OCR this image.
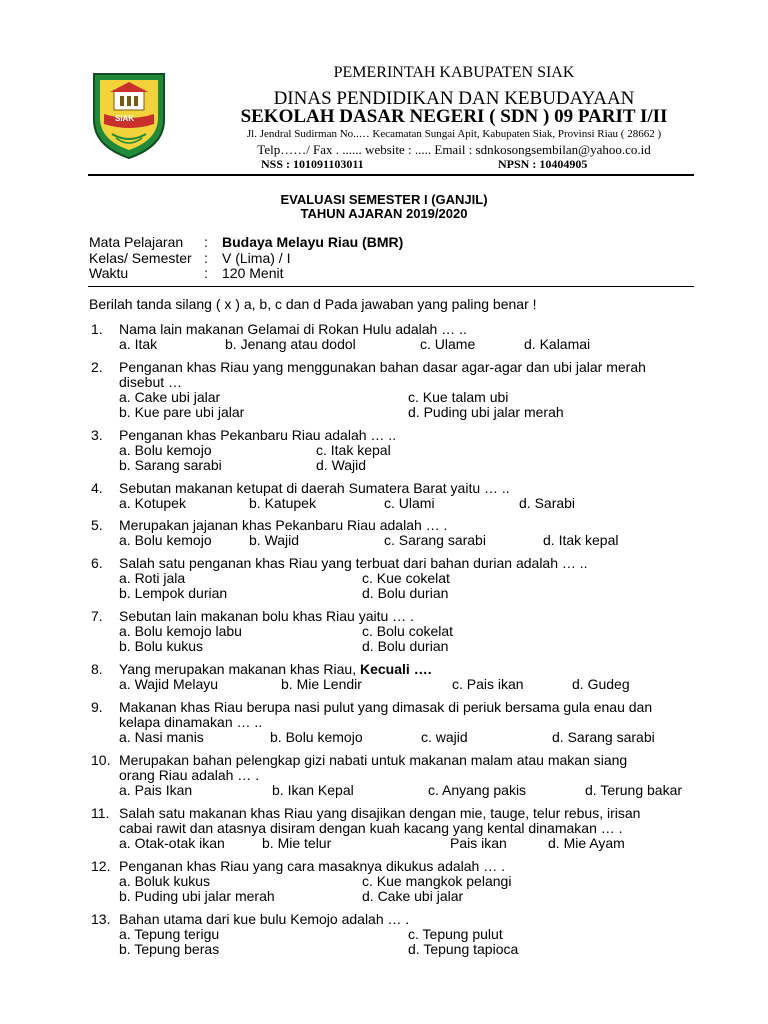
SIAK
PEMERINTAH KABUPATEN SIAK
DINAS PENDIDIKAN DAN KEBUDAYAAN
SEKOLAH DASAR NEGERI ( SDN ) 09 PARIT I/II
Jl. Jendral Sudirman No..… Kecamatan Sungai Apit, Kabupaten Siak, Provinsi Riau ( 28662 )
Telp……/ Fax . ...... website : ..... Email : sdnkosongsembilan@yahoo.co.id
NSS : 101091103011	NPSN : 10404905
EVALUASI SEMESTER I (GANJIL)
TAHUN AJARAN 2019/2020
Mata Pelajaran : Budaya Melayu Riau (BMR)
Kelas/ Semester : V (Lima) / I
Waktu	: 120 Menit
Berilah tanda silang ( x ) a, b, c dan d Pada jawaban yang paling benar !
1. Nama lain makanan Gelamai di Rokan Hulu adalah … ..
a. Itak	b. Jenang atau dodol	c. Ulame	d. Kalamai
2. Penganan khas Riau yang menggunakan bahan dasar agar-agar dan ubi jalar merah
disebut …
a. Cake ubi jalar	c. Kue talam ubi
b. Kue pare ubi jalar	d. Puding ubi jalar merah
3. Penganan khas Pekanbaru Riau adalah … ..
a. Bolu kemojo	c. Itak kepal
b. Sarang sarabi	d. Wajid
4. Sebutan makanan ketupat di daerah Sumatera Barat yaitu … ..
a. Kotupek	b. Katupek	c. Ulami	d. Sarabi
5. Merupakan jajanan khas Pekanbaru Riau adalah … .
a. Bolu kemojo	b. Wajid	c. Sarang sarabi	d. Itak kepal
6. Salah satu penganan khas Riau yang terbuat dari bahan durian adalah … ..
a. Roti jala	c. Kue cokelat
b. Lempok durian	d. Bolu durian
7. Sebutan lain makanan bolu khas Riau yaitu … .
a. Bolu kemojo labu	c. Bolu cokelat
b. Bolu kukus	d. Bolu durian
8. Yang merupakan makanan khas Riau, Kecuali ….
a. Wajid Melayu	b. Mie Lendir	c. Pais ikan	d. Gudeg
9. Makanan khas Riau berupa nasi pulut yang dimasak di periuk bersama gula enau dan
kelapa dinamakan … ..
a. Nasi manis	b. Bolu kemojo	c. wajid	d. Sarang sarabi
10. Merupakan bahan pelengkap gizi nabati untuk makanan malam atau makan siang
orang Riau adalah … .
a. Pais Ikan	b. Ikan Kepal	c. Anyang pakis	d. Terung bakar
11. Salah satu makanan khas Riau yang disajikan dengan mie, tauge, telur rebus, irisan
cabai rawit dan atasnya disiram dengan kuah kacang yang kental dinamakan … .
a. Otak-otak ikan	b. Mie telur	Pais ikan	d. Mie Ayam
12. Penganan khas Riau yang cara masaknya dikukus adalah … .
a. Boluk kukus	c. Kue mangkok pelangi
b. Puding ubi jalar merah	d. Cake ubi jalar
13. Bahan utama dari kue bulu Kemojo adalah … .
a. Tepung terigu	c. Tepung pulut
b. Tepung beras	d. Tepung tapioca
